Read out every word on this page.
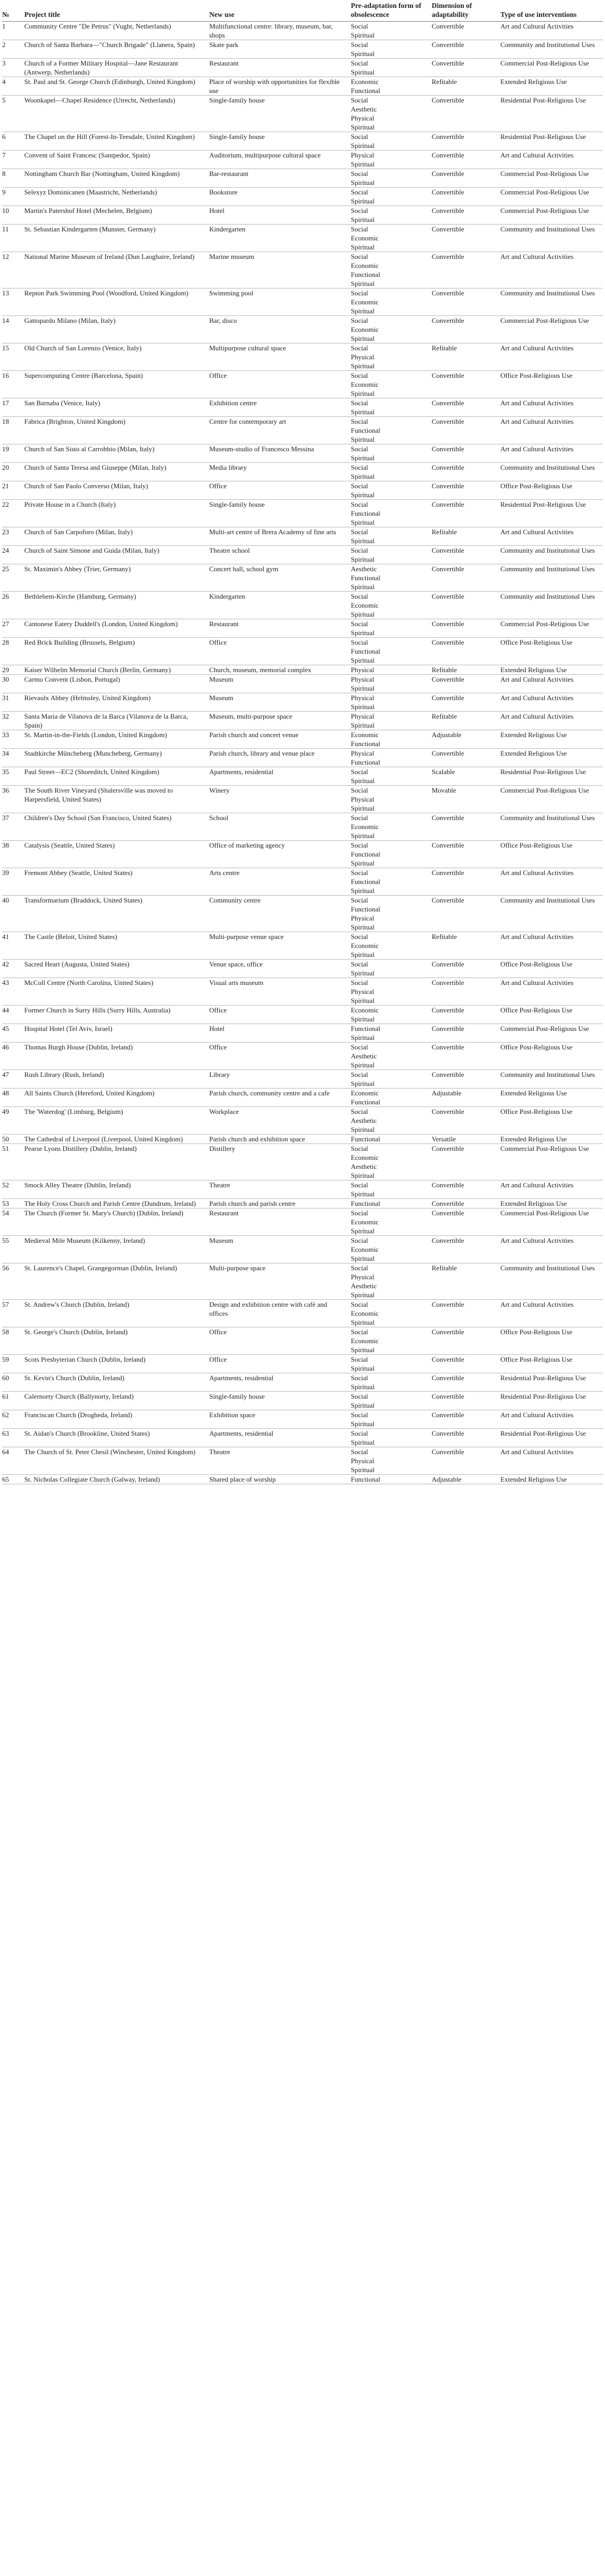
№	Project title	New use	Pre-adaptation form of obsolescence	Dimension of adaptability	Type of use interventions
1	Community Centre "De Petrus" (Vught, Netherlands)	Multifunctional centre: library, museum, bar, shops	Social
Spiritual	Convertible	Art and Cultural Activities
2	Church of Santa Barbara—"Church Brigade" (Llanera, Spain)	Skate park	Social
Spiritual	Convertible	Community and Institutional Uses
3	Church of a Former Military Hospital—Jane Restaurant (Antwerp, Netherlands)	Restaurant	Social
Spiritual	Convertible	Commercial Post-Religious Use
4	St. Paul and St. George Church (Edinburgh, United Kingdom)	Place of worship with opportunities for flexible use	Economic
Functional	Refitable	Extended Religious Use
5	Woonkapel—Chapel Residence (Utrecht, Netherlands)	Single-family house	Social
Aesthetic
Physical
Spiritual	Convertible	Residential Post-Religious Use
6	The Chapel on the Hill (Forest-In-Teesdale, United Kingdom)	Single-family house	Social
Spiritual	Convertible	Residential Post-Religious Use
7	Convent of Saint Francesc (Santpedor, Spain)	Auditorium, multipurpose cultural space	Physical
Spiritual	Convertible	Art and Cultural Activities
8	Nottingham Church Bar (Nottingham, United Kingdom)	Bar-restaurant	Social
Spiritual	Convertible	Commercial Post-Religious Use
9	Selexyz Dominicanen (Maastricht, Netherlands)	Bookstore	Social
Spiritual	Convertible	Commercial Post-Religious Use
10	Martin's Patershof Hotel (Mechelen, Belgium)	Hotel	Social
Spiritual	Convertible	Commercial Post-Religious Use
11	St. Sebastian Kindergarten (Munster, Germany)	Kindergarten	Social
Economic
Spiritual	Convertible	Community and Institutional Uses
12	National Marine Museum of Ireland (Dun Laoghaire, Ireland)	Marine museum	Social
Economic
Functional
Spiritual	Convertible	Art and Cultural Activities
13	Repton Park Swimming Pool (Woodford, United Kingdom)	Swimming pool	Social
Economic
Spiritual	Convertible	Community and Institutional Uses
14	Gattopardo Milano (Milan, Italy)	Bar, disco	Social
Economic
Spiritual	Convertible	Commercial Post-Religious Use
15	Old Church of San Lorenzo (Venice, Italy)	Multipurpose cultural space	Social
Physical
Spiritual	Refitable	Art and Cultural Activities
16	Supercomputing Centre (Barcelona, Spain)	Office	Social
Economic
Spiritual	Convertible	Office Post-Religious Use
17	San Barnaba (Venice, Italy)	Exhibition centre	Social
Spiritual	Convertible	Art and Cultural Activities
18	Fabrica (Brighton, United Kingdom)	Centre for contemporary art	Social
Functional
Spiritual	Convertible	Art and Cultural Activities
19	Church of San Sisto al Carrobbio (Milan, Italy)	Museum-studio of Francesco Messina	Social
Spiritual	Convertible	Art and Cultural Activities
20	Church of Santa Teresa and Giuseppe (Milan, Italy)	Media library	Social
Spiritual	Convertible	Community and Institutional Uses
21	Church of San Paolo Converso (Milan, Italy)	Office	Social
Spiritual	Convertible	Office Post-Religious Use
22	Private House in a Church (Italy)	Single-family house	Social
Functional
Spiritual	Convertible	Residential Post-Religious Use
23	Church of San Carpoforo (Milan, Italy)	Multi-art centre of Brera Academy of fine arts	Social
Spiritual	Refitable	Art and Cultural Activities
24	Church of Saint Simone and Guida (Milan, Italy)	Theatre school	Social
Spiritual	Convertible	Community and Institutional Uses
25	St. Maximin's Abbey (Trier, Germany)	Concert hall, school gym	Aesthetic
Functional
Spiritual	Convertible	Community and Institutional Uses
26	Bethlehem-Kirche (Hamburg, Germany)	Kindergarten	Social
Economic
Spiritual	Convertible	Community and Institutional Uses
27	Cantonese Eatery Duddell's (London, United Kingdom)	Restaurant	Social
Spiritual	Convertible	Commercial Post-Religious Use
28	Red Brick Building (Brussels, Belgium)	Office	Social
Functional
Spiritual	Convertible	Office Post-Religious Use
29	Kaiser Wilhelm Memorial Church (Berlin, Germany)	Church, museum, memorial complex	Physical	Refitable	Extended Religious Use
30	Carmo Convent (Lisbon, Portugal)	Museum	Physical
Spiritual	Convertible	Art and Cultural Activities
31	Rievaulx Abbey (Helmsley, United Kingdom)	Museum	Physical
Spiritual	Convertible	Art and Cultural Activities
32	Santa Maria de Vilanova de la Barca (Vilanova de la Barca, Spain)	Museum, multi-purpose space	Physical
Spiritual	Refitable	Art and Cultural Activities
33	St. Martin-in-the-Fields (London, United Kingdom)	Parish church and concert venue	Economic
Functional	Adjustable	Extended Religious Use
34	Stadtkirche Müncheberg (Muncheberg, Germany)	Parish church, library and venue place	Physical
Functional	Convertible	Extended Religious Use
35	Paul Street—EC2 (Shoreditch, United Kingdom)	Apartments, residential	Social
Spiritual	Scalable	Residential Post-Religious Use
36	The South River Vineyard (Shalersville was moved to Harpersfield, United States)	Winery	Social
Physical
Spiritual	Movable	Commercial Post-Religious Use
37	Children's Day School (San Francisco, United States)	School	Social
Economic
Spiritual	Convertible	Community and Institutional Uses
38	Catalysis (Seattle, United States)	Office of marketing agency	Social
Functional
Spiritual	Convertible	Office Post-Religious Use
39	Fremont Abbey (Seattle, United States)	Arts centre	Social
Functional
Spiritual	Convertible	Art and Cultural Activities
40	Transformarium (Braddock, United States)	Community centre	Social
Functional
Physical
Spiritual	Convertible	Community and Institutional Uses
41	The Castle (Beloit, United States)	Multi-purpose venue space	Social
Economic
Spiritual	Refitable	Art and Cultural Activities
42	Sacred Heart (Augusta, United States)	Venue space, office	Social
Spiritual	Convertible	Office Post-Religious Use
43	McColl Centre (North Carolina, United States)	Visual arts museum	Social
Physical
Spiritual	Convertible	Art and Cultural Activities
44	Former Church in Surry Hills (Surry Hills, Australia)	Office	Economic
Spiritual	Convertible	Office Post-Religious Use
45	Hospital Hotel (Tel Aviv, Israel)	Hotel	Functional
Spiritual	Convertible	Commercial Post-Religious Use
46	Thomas Burgh House (Dublin, Ireland)	Office	Social
Aesthetic
Spiritual	Convertible	Office Post-Religious Use
47	Rush Library (Rush, Ireland)	Library	Social
Spiritual	Convertible	Community and Institutional Uses
48	All Saints Church (Hereford, United Kingdom)	Parish church, community centre and a cafe	Economic
Functional	Adjustable	Extended Religious Use
49	The 'Waterdog' (Limburg, Belgium)	Workplace	Social
Aesthetic
Spiritual	Convertible	Office Post-Religious Use
50	The Cathedral of Liverpool (Liverpool, United Kingdom)	Parish church and exhibition space	Functional	Versatile	Extended Religious Use
51	Pearse Lyons Distillery (Dublin, Ireland)	Distillery	Social
Economic
Aesthetic
Spiritual	Convertible	Commercial Post-Religious Use
52	Smock Alley Theatre (Dublin, Ireland)	Theatre	Social
Spiritual	Convertible	Art and Cultural Activities
53	The Holy Cross Church and Parish Centre (Dundrum, Ireland)	Parish church and parish centre	Functional	Convertible	Extended Religious Use
54	The Church (Former St. Mary's Church) (Dublin, Ireland)	Restaurant	Social
Economic
Spiritual	Convertible	Commercial Post-Religious Use
55	Medieval Mile Museum (Kilkenny, Ireland)	Museum	Social
Economic
Spiritual	Convertible	Art and Cultural Activities
56	St. Laurence's Chapel, Grangegorman (Dublin, Ireland)	Multi-purpose space	Social
Physical
Aesthetic
Spiritual	Refitable	Community and Institutional Uses
57	St. Andrew's Church (Dublin, Ireland)	Design and exhibition centre with café and offices	Social
Economic
Spiritual	Convertible	Art and Cultural Activities
58	St. George's Church (Dublin, Ireland)	Office	Social
Economic
Spiritual	Convertible	Office Post-Religious Use
59	Scots Presbyterian Church (Dublin, Ireland)	Office	Social
Spiritual	Convertible	Office Post-Religious Use
60	St. Kevin's Church (Dublin, Ireland)	Apartments, residential	Social
Spiritual	Convertible	Residential Post-Religious Use
61	Calernorty Church (Ballynorty, Ireland)	Single-family house	Social
Spiritual	Convertible	Residential Post-Religious Use
62	Franciscan Church (Drogheda, Ireland)	Exhibition space	Social
Spiritual	Convertible	Art and Cultural Activities
63	St. Aidan's Church (Brookline, United States)	Apartments, residential	Social
Spiritual	Convertible	Residential Post-Religious Use
64	The Church of St. Peter Chesil (Winchester, United Kingdom)	Theatre	Social
Physical
Spiritual	Convertible	Art and Cultural Activities
65	St. Nicholas Collegiate Church (Galway, Ireland)	Shared place of worship	Functional	Adjustable	Extended Religious Use
